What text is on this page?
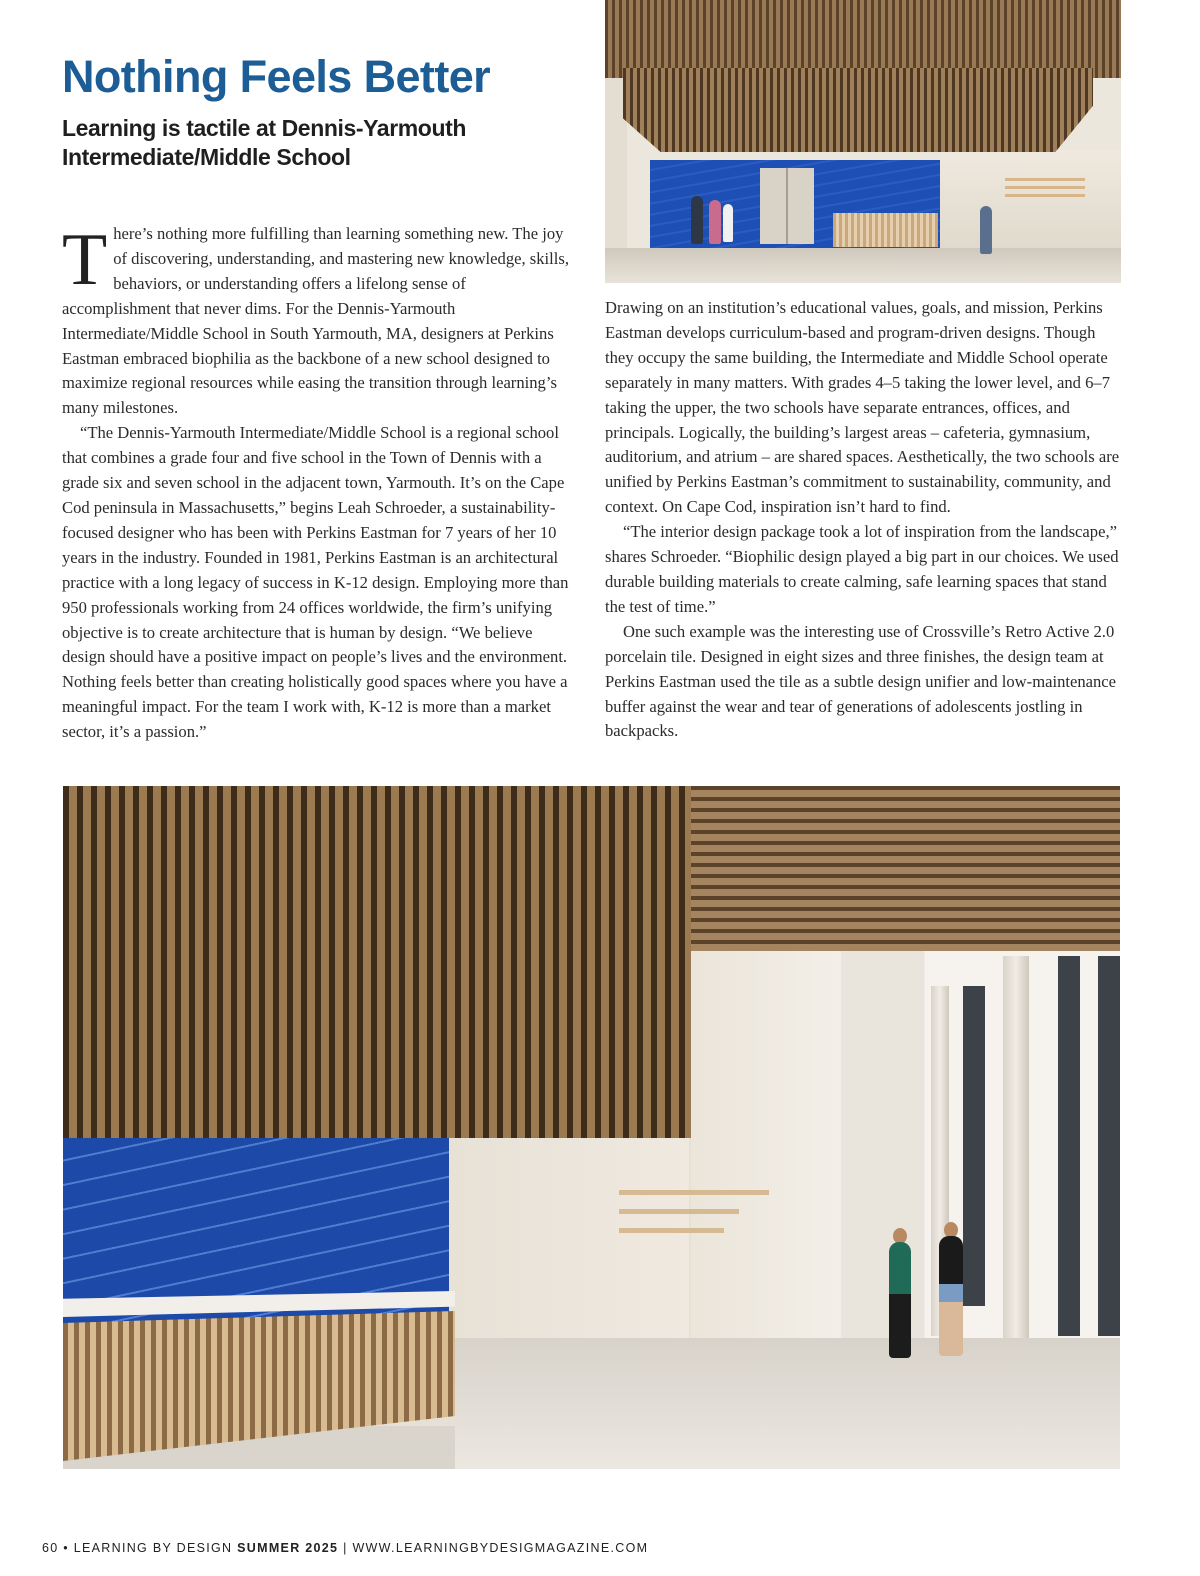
Nothing Feels Better
Learning is tactile at Dennis-Yarmouth Intermediate/Middle School

There’s nothing more fulfilling than learning something new. The joy of discovering, understanding, and mastering new knowledge, skills, behaviors, or understanding offers a lifelong sense of accomplishment that never dims. For the Dennis-Yarmouth Intermediate/Middle School in South Yarmouth, MA, designers at Perkins Eastman embraced biophilia as the backbone of a new school designed to maximize regional resources while easing the transition through learning’s many milestones.

“The Dennis-Yarmouth Intermediate/Middle School is a regional school that combines a grade four and five school in the Town of Dennis with a grade six and seven school in the adjacent town, Yarmouth. It’s on the Cape Cod peninsula in Massachusetts,” begins Leah Schroeder, a sustainability-focused designer who has been with Perkins Eastman for 7 years of her 10 years in the industry. Founded in 1981, Perkins Eastman is an architectural practice with a long legacy of success in K-12 design. Employing more than 950 professionals working from 24 offices worldwide, the firm’s unifying objective is to create architecture that is human by design. “We believe design should have a positive impact on people’s lives and the environment. Nothing feels better than creating holistically good spaces where you have a meaningful impact. For the team I work with, K-12 is more than a market sector, it’s a passion.”

Drawing on an institution’s educational values, goals, and mission, Perkins Eastman develops curriculum-based and program-driven designs. Though they occupy the same building, the Intermediate and Middle School operate separately in many matters. With grades 4–5 taking the lower level, and 6–7 taking the upper, the two schools have separate entrances, offices, and principals. Logically, the building’s largest areas – cafeteria, gymnasium, auditorium, and atrium – are shared spaces. Aesthetically, the two schools are unified by Perkins Eastman’s commitment to sustainability, community, and context. On Cape Cod, inspiration isn’t hard to find.

“The interior design package took a lot of inspiration from the landscape,” shares Schroeder. “Biophilic design played a big part in our choices. We used durable building materials to create calming, safe learning spaces that stand the test of time.”

One such example was the interesting use of Crossville’s Retro Active 2.0 porcelain tile. Designed in eight sizes and three finishes, the design team at Perkins Eastman used the tile as a subtle design unifier and low-maintenance buffer against the wear and tear of generations of adolescents jostling in backpacks.

60 • LEARNING BY DESIGN SUMMER 2025 | WWW.LEARNINGBYDESIGMAGAZINE.COM
